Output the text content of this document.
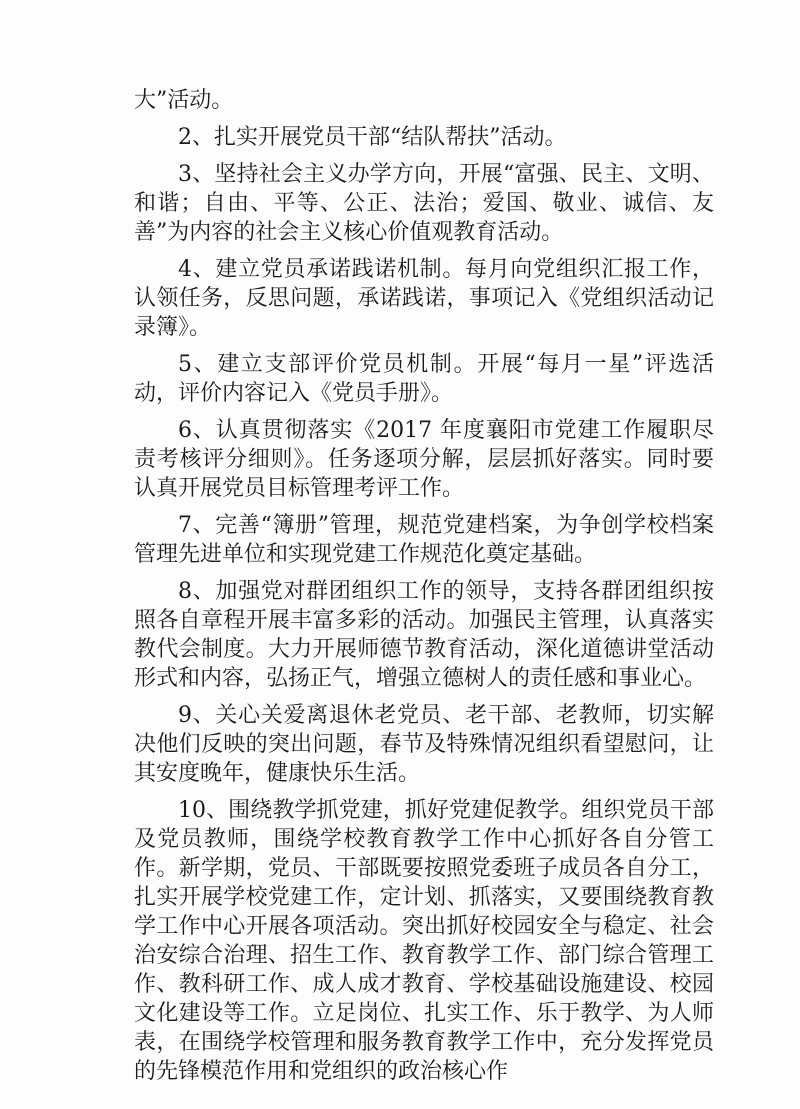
大”活动。

2、扎实开展党员干部“结队帮扶”活动。

3、坚持社会主义办学方向，开展“富强、民主、文明、和谐；自由、平等、公正、法治；爱国、敬业、诚信、友善”为内容的社会主义核心价值观教育活动。

4、建立党员承诺践诺机制。每月向党组织汇报工作，认领任务，反思问题，承诺践诺，事项记入《党组织活动记录簿》。

5、建立支部评价党员机制。开展“每月一星”评选活动，评价内容记入《党员手册》。

6、认真贯彻落实《2017 年度襄阳市党建工作履职尽责考核评分细则》。任务逐项分解，层层抓好落实。同时要认真开展党员目标管理考评工作。

7、完善“簿册”管理，规范党建档案，为争创学校档案管理先进单位和实现党建工作规范化奠定基础。

8、加强党对群团组织工作的领导，支持各群团组织按照各自章程开展丰富多彩的活动。加强民主管理，认真落实教代会制度。大力开展师德节教育活动，深化道德讲堂活动形式和内容，弘扬正气，增强立德树人的责任感和事业心。

9、关心关爱离退休老党员、老干部、老教师，切实解决他们反映的突出问题，春节及特殊情况组织看望慰问，让其安度晚年，健康快乐生活。

10、围绕教学抓党建，抓好党建促教学。组织党员干部及党员教师，围绕学校教育教学工作中心抓好各自分管工作。新学期，党员、干部既要按照党委班子成员各自分工，扎实开展学校党建工作，定计划、抓落实，又要围绕教育教学工作中心开展各项活动。突出抓好校园安全与稳定、社会治安综合治理、招生工作、教育教学工作、部门综合管理工作、教科研工作、成人成才教育、学校基础设施建设、校园文化建设等工作。立足岗位、扎实工作、乐于教学、为人师表，在围绕学校管理和服务教育教学工作中，充分发挥党员的先锋模范作用和党组织的政治核心作
